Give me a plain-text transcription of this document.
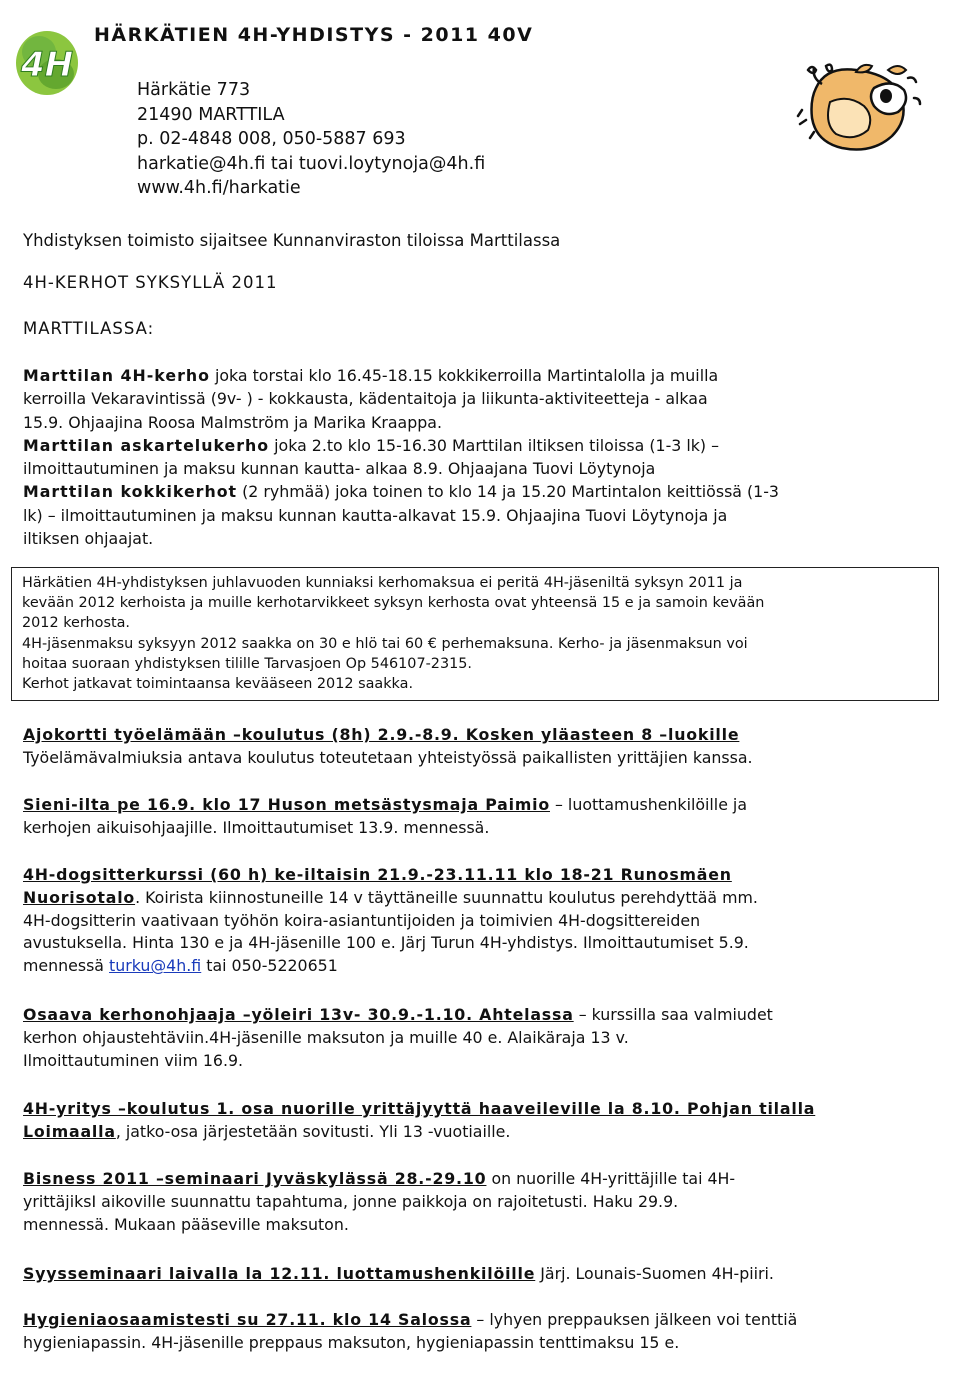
4H
HÄRKÄTIEN 4H-YHDISTYS - 2011 40V
Härkätie 773
21490 MARTTILA
p. 02-4848 008, 050-5887 693
harkatie@4h.fi tai tuovi.loytynoja@4h.fi
www.4h.fi/harkatie
Yhdistyksen toimisto sijaitsee Kunnanviraston tiloissa Marttilassa
4H-KERHOT SYKSYLLÄ 2011
MARTTILASSA:
Marttilan 4H-kerho joka torstai klo 16.45-18.15 kokkikerroilla Martintalolla ja muilla
kerroilla Vekaravintissä (9v- ) - kokkausta, kädentaitoja ja liikunta-aktiviteetteja - alkaa
15.9. Ohjaajina Roosa Malmström ja Marika Kraappa.
Marttilan askartelukerho joka 2.to klo 15-16.30 Marttilan iltiksen tiloissa (1-3 lk) –
ilmoittautuminen ja maksu kunnan kautta- alkaa 8.9. Ohjaajana Tuovi Löytynoja
Marttilan kokkikerhot (2 ryhmää) joka toinen to klo 14 ja 15.20 Martintalon keittiössä (1-3
lk) – ilmoittautuminen ja maksu kunnan kautta-alkavat 15.9. Ohjaajina Tuovi Löytynoja ja
iltiksen ohjaajat.
Härkätien 4H-yhdistyksen juhlavuoden kunniaksi kerhomaksua ei peritä 4H-jäseniltä syksyn 2011 ja
kevään 2012 kerhoista ja muille kerhotarvikkeet syksyn kerhosta ovat yhteensä 15 e ja samoin kevään
2012 kerhosta.
4H-jäsenmaksu syksyyn 2012 saakka on 30 e hlö tai 60 € perhemaksuna. Kerho- ja jäsenmaksun voi
hoitaa suoraan yhdistyksen tilille Tarvasjoen Op 546107-2315.
Kerhot jatkavat toimintaansa kevääseen 2012 saakka.
Ajokortti työelämään –koulutus (8h) 2.9.-8.9. Kosken yläasteen 8 –luokille
Työelämävalmiuksia antava koulutus toteutetaan yhteistyössä paikallisten yrittäjien kanssa.
Sieni-ilta pe 16.9. klo 17 Huson metsästysmaja Paimio – luottamushenkilöille ja
kerhojen aikuisohjaajille. Ilmoittautumiset 13.9. mennessä.
4H-dogsitterkurssi (60 h) ke-iltaisin 21.9.-23.11.11 klo 18-21 Runosmäen
Nuorisotalo. Koirista kiinnostuneille 14 v täyttäneille suunnattu koulutus perehdyttää mm.
4H-dogsitterin vaativaan työhön koira-asiantuntijoiden ja toimivien 4H-dogsittereiden
avustuksella. Hinta 130 e ja 4H-jäsenille 100 e. Järj Turun 4H-yhdistys. Ilmoittautumiset 5.9.
mennessä turku@4h.fi tai 050-5220651
Osaava kerhonohjaaja –yöleiri 13v- 30.9.-1.10. Ahtelassa – kurssilla saa valmiudet
kerhon ohjaustehtäviin.4H-jäsenille maksuton ja muille 40 e. Alaikäraja 13 v.
Ilmoittautuminen viim 16.9.
4H-yritys –koulutus 1. osa nuorille yrittäjyyttä haaveileville la 8.10. Pohjan tilalla
Loimaalla, jatko-osa järjestetään sovitusti. Yli 13 -vuotiaille.
Bisness 2011 –seminaari Jyväskylässä 28.-29.10 on nuorille 4H-yrittäjille tai 4H-
yrittäjiksI aikoville suunnattu tapahtuma, jonne paikkoja on rajoitetusti. Haku 29.9.
mennessä. Mukaan pääseville maksuton.
Syysseminaari laivalla la 12.11. luottamushenkilöille Järj. Lounais-Suomen 4H-piiri.
Hygieniaosaamistesti su 27.11. klo 14 Salossa – lyhyen preppauksen jälkeen voi tenttiä
hygieniapassin. 4H-jäsenille preppaus maksuton, hygieniapassin tenttimaksu 15 e.
